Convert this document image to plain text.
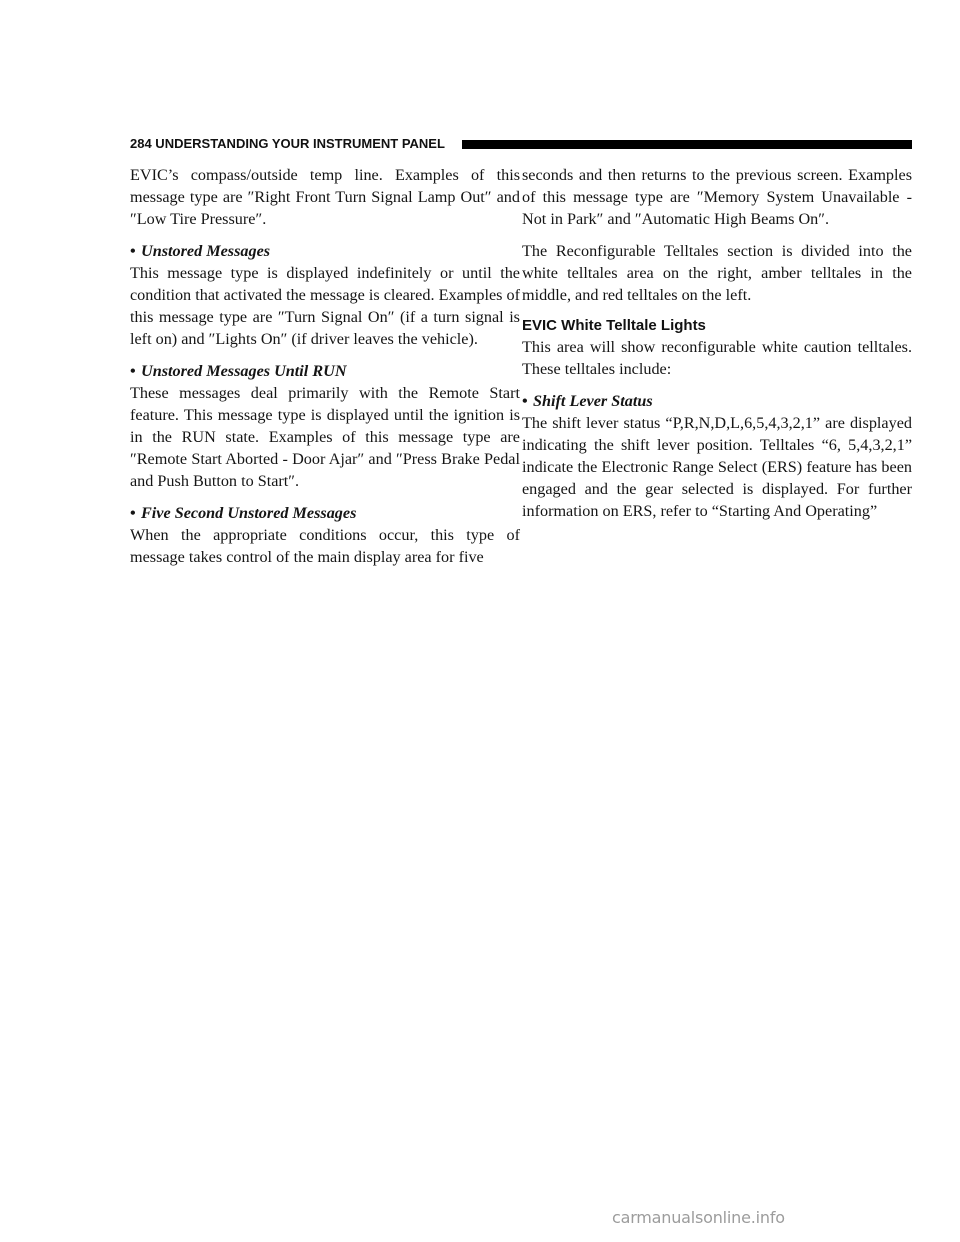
284 UNDERSTANDING YOUR INSTRUMENT PANEL

EVIC’s compass/outside temp line. Examples of this message type are ″Right Front Turn Signal Lamp Out″ and ″Low Tire Pressure″.

• Unstored Messages

This message type is displayed indefinitely or until the condition that activated the message is cleared. Examples of this message type are ″Turn Signal On″ (if a turn signal is left on) and ″Lights On″ (if driver leaves the vehicle).

• Unstored Messages Until RUN

These messages deal primarily with the Remote Start feature. This message type is displayed until the ignition is in the RUN state. Examples of this message type are ″Remote Start Aborted - Door Ajar″ and ″Press Brake Pedal and Push Button to Start″.

• Five Second Unstored Messages

When the appropriate conditions occur, this type of message takes control of the main display area for five

seconds and then returns to the previous screen. Examples of this message type are ″Memory System Unavailable - Not in Park″ and ″Automatic High Beams On″.

The Reconfigurable Telltales section is divided into the white telltales area on the right, amber telltales in the middle, and red telltales on the left.

EVIC White Telltale Lights

This area will show reconfigurable white caution telltales. These telltales include:

• Shift Lever Status

The shift lever status “P,R,N,D,L,6,5,4,3,2,1” are displayed indicating the shift lever position. Telltales “6, 5,4,3,2,1” indicate the Electronic Range Select (ERS) feature has been engaged and the gear selected is displayed. For further information on ERS, refer to “Starting And Operating”

carmanualsonline.info
